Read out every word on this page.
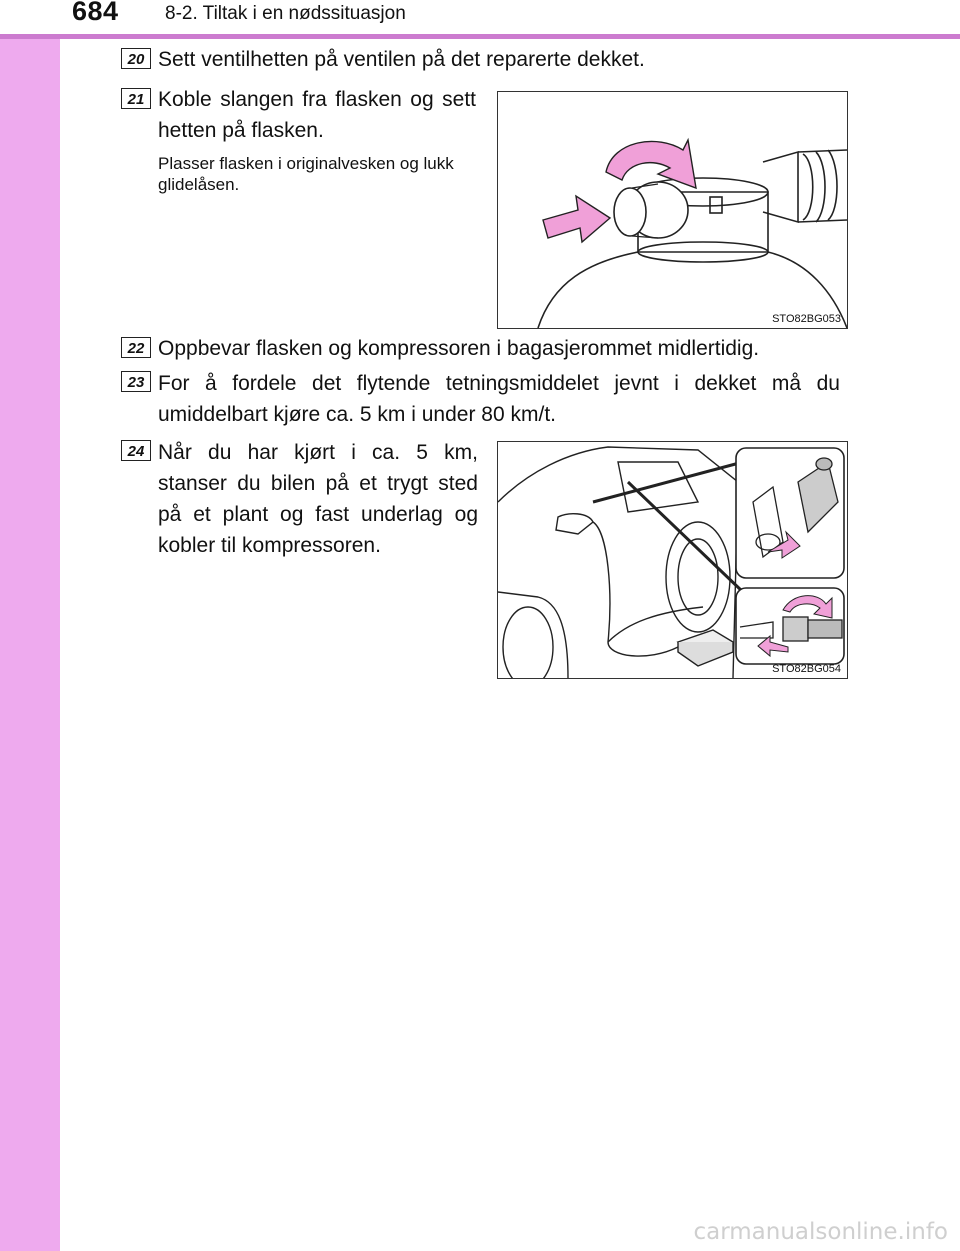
684 8-2. Tiltak i en nødssituasjon
20 Sett ventilhetten på ventilen på det reparerte dekket.
21 Koble slangen fra flasken og sett hetten på flasken.
Plasser flasken i originalvesken og lukk glidelåsen.
STO82BG053
22 Oppbevar flasken og kompressoren i bagasjerommet midlertidig.
23 For å fordele det flytende tetningsmiddelet jevnt i dekket må du umiddelbart kjøre ca. 5 km i under 80 km/t.
24 Når du har kjørt i ca. 5 km, stanser du bilen på et trygt sted på et plant og fast underlag og kobler til kompressoren.
STO82BG054
carmanualsonline.info
